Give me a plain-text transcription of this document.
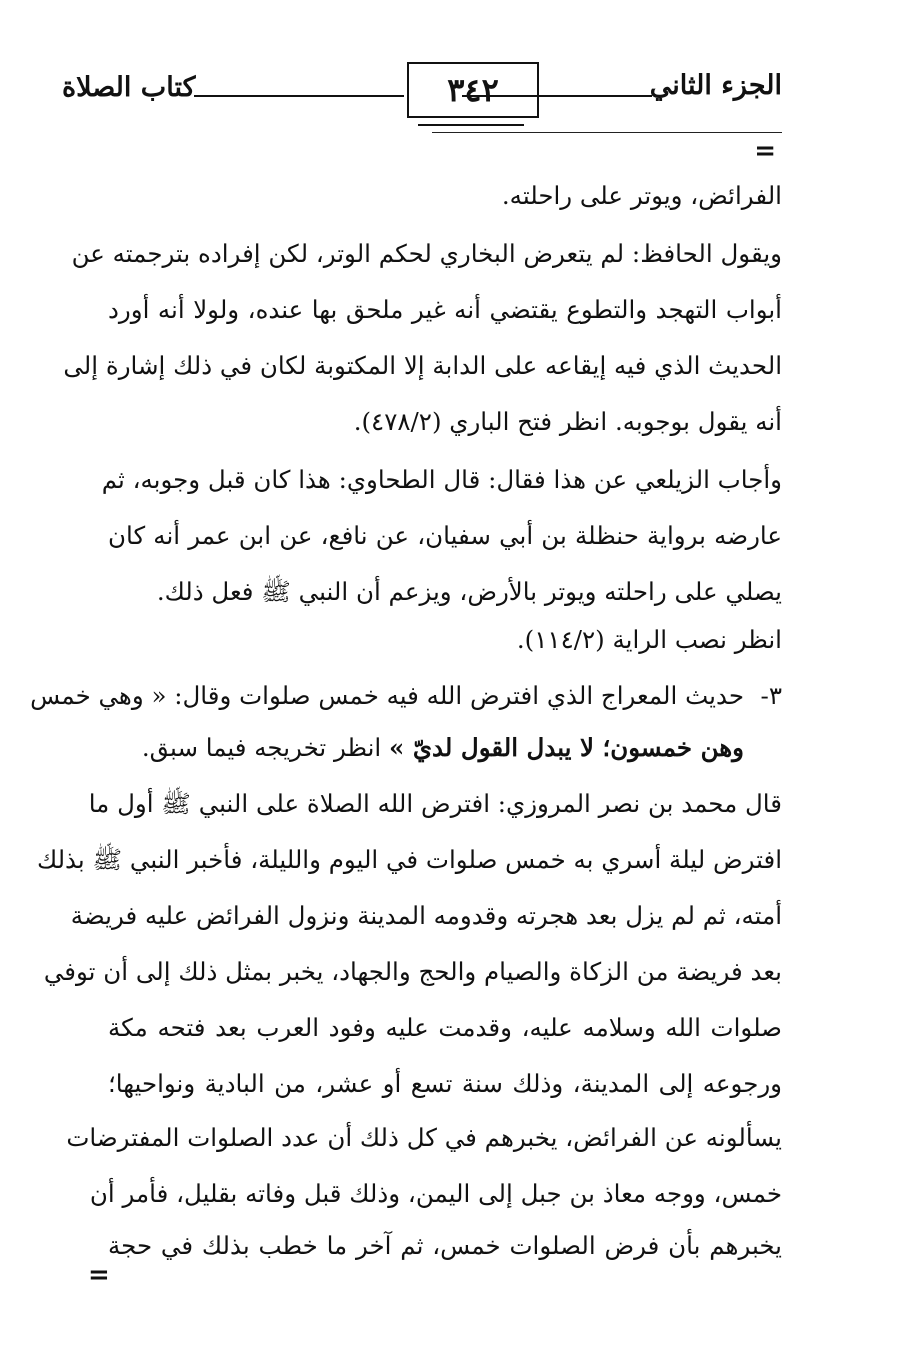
الجزء الثاني
٣٤٢
كتاب الصلاة
=
الفرائض، ويوتر على راحلته.
ويقول الحافظ: لم يتعرض البخاري لحكم الوتر، لكن إفراده بترجمته عن
أبواب التهجد والتطوع يقتضي أنه غير ملحق بها عنده، ولولا أنه أورد
الحديث الذي فيه إيقاعه على الدابة إلا المكتوبة لكان في ذلك إشارة إلى
أنه يقول بوجوبه. انظر فتح الباري (٤٧٨/٢).
وأجاب الزيلعي عن هذا فقال: قال الطحاوي: هذا كان قبل وجوبه، ثم
عارضه برواية حنظلة بن أبي سفيان، عن نافع، عن ابن عمر أنه كان
يصلي على راحلته ويوتر بالأرض، ويزعم أن النبي ﷺ فعل ذلك.
انظر نصب الراية (١١٤/٢).
٣-
حديث المعراج الذي افترض الله فيه خمس صلوات وقال: « وهي خمس
وهن خمسون؛ لا يبدل القول لديّ » انظر تخريجه فيما سبق.
قال محمد بن نصر المروزي: افترض الله الصلاة على النبي ﷺ أول ما
افترض ليلة أسري به خمس صلوات في اليوم والليلة، فأخبر النبي ﷺ بذلك
أمته، ثم لم يزل بعد هجرته وقدومه المدينة ونزول الفرائض عليه فريضة
بعد فريضة من الزكاة والصيام والحج والجهاد، يخبر بمثل ذلك إلى أن توفي
صلوات الله وسلامه عليه، وقدمت عليه وفود العرب بعد فتحه مكة
ورجوعه إلى المدينة، وذلك سنة تسع أو عشر، من البادية ونواحيها؛
يسألونه عن الفرائض، يخبرهم في كل ذلك أن عدد الصلوات المفترضات
خمس، ووجه معاذ بن جبل إلى اليمن، وذلك قبل وفاته بقليل، فأمر أن
يخبرهم بأن فرض الصلوات خمس، ثم آخر ما خطب بذلك في حجة
=
